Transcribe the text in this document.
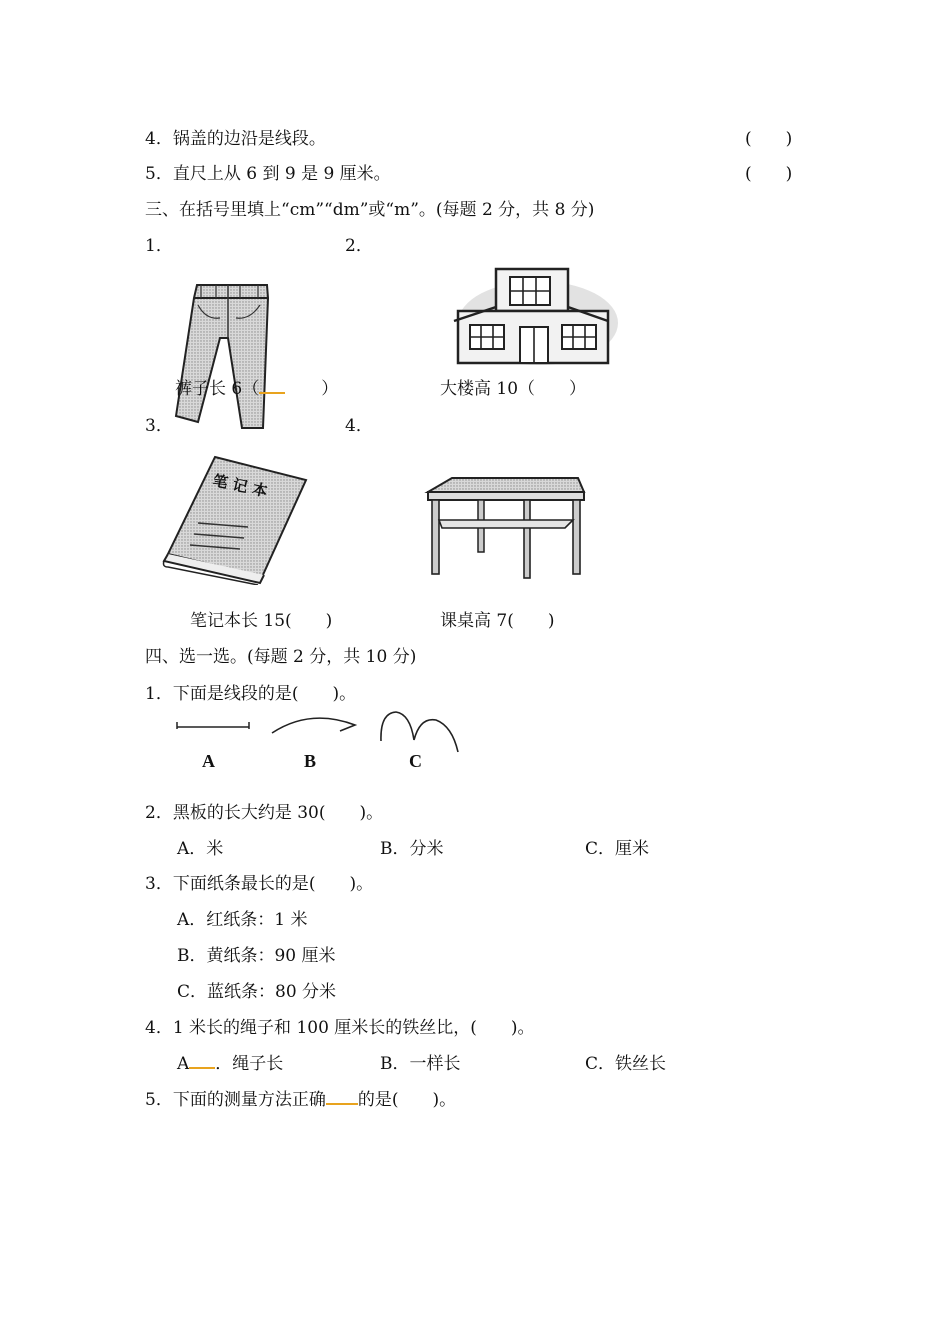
4．锅盖的边沿是线段。	(　　)
5．直尺上从 6 到 9 是 9 厘米。	(　　)
三、在括号里填上“cm”“dm”或“m”。(每题 2 分，共 8 分)
1．	2．
裤子长 6（	）	大楼高 10（　　）
3．	4．
笔 记 本
笔记本长 15(　　)	课桌高 7(　　)
四、选一选。(每题 2 分，共 10 分)
1．下面是线段的是(　　)。
A	B	C
2．黑板的长大约是 30(　　)。
A．米	B．分米	C．厘米
3．下面纸条最长的是(　　)。
A．红纸条：1 米
B．黄纸条：90 厘米
C．蓝纸条：80 分米
4．1 米长的绳子和 100 厘米长的铁丝比，(　　)。
A ．绳子长	B．一样长	C．铁丝长
5．下面的测量方法正确 的是(　　)。
